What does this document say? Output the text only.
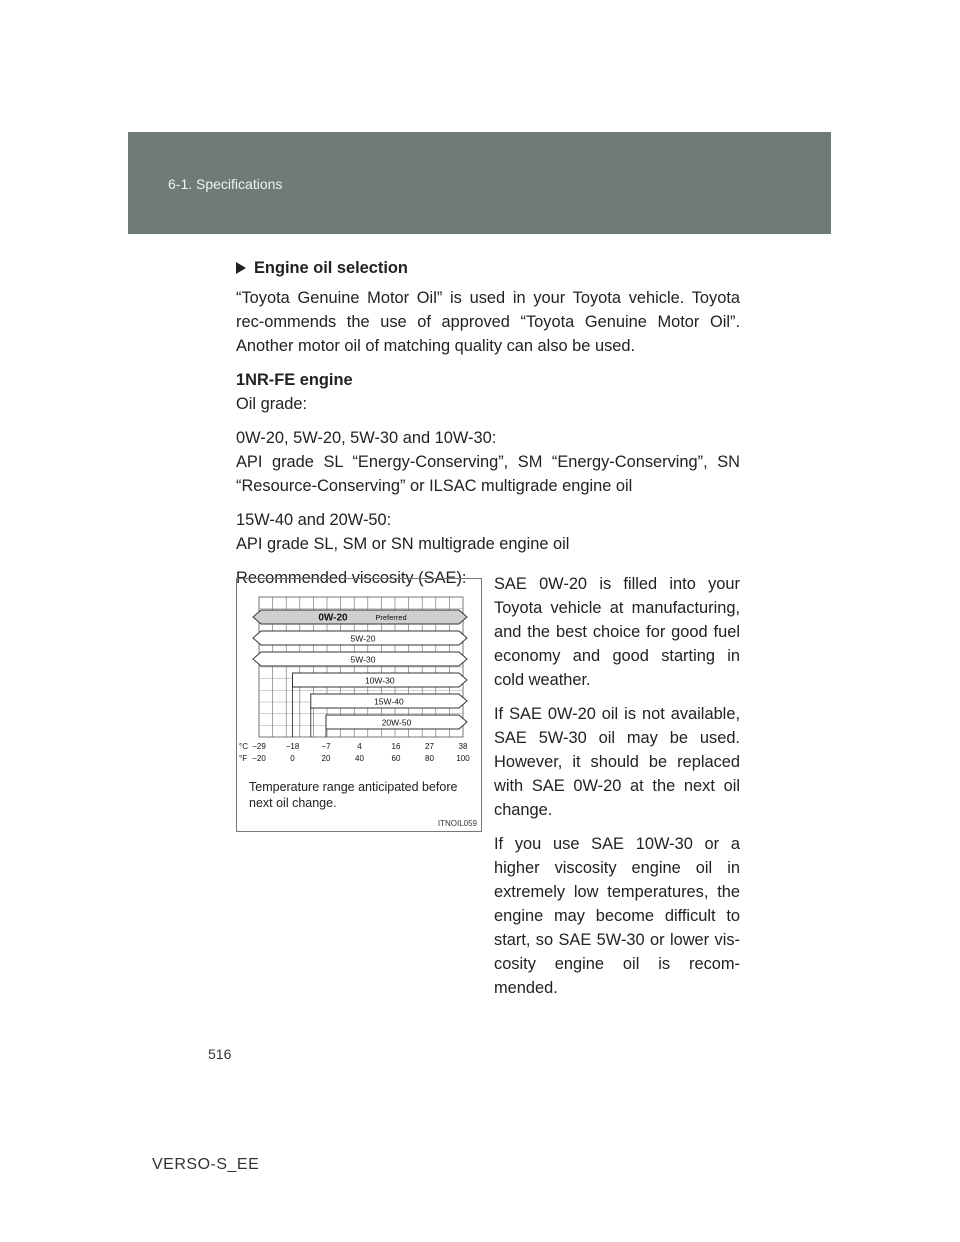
6-1. Specifications
Engine oil selection

“Toyota Genuine Motor Oil” is used in your Toyota vehicle. Toyota rec-ommends the use of approved “Toyota Genuine Motor Oil”. Another motor oil of matching quality can also be used.

1NR-FE engine

Oil grade:

0W-20, 5W-20, 5W-30 and 10W-30:

API grade SL “Energy-Conserving”, SM “Energy-Conserving”, SN “Resource-Conserving” or ILSAC multigrade engine oil

15W-40 and 20W-50:

API grade SL, SM or SN multigrade engine oil

Recommended viscosity (SAE):

0W-20	Preferred
5W-20
5W-30
10W-30
15W-40
20W-50
°C
°F
−29 −18	−7	4	16	27	38
−20	0	20	40	60	80	100
Temperature range anticipated before next oil change.
ITNOIL059

SAE 0W-20 is filled into your Toyota vehicle at manufacturing, and the best choice for good fuel economy and good starting in cold weather.

If SAE 0W-20 oil is not available, SAE 5W-30 oil may be used. However, it should be replaced with SAE 0W-20 at the next oil change.

If you use SAE 10W-30 or a higher viscosity engine oil in extremely low temperatures, the engine may become difficult to start, so SAE 5W-30 or lower vis-cosity engine oil is recom-mended.

516
VERSO-S_EE
